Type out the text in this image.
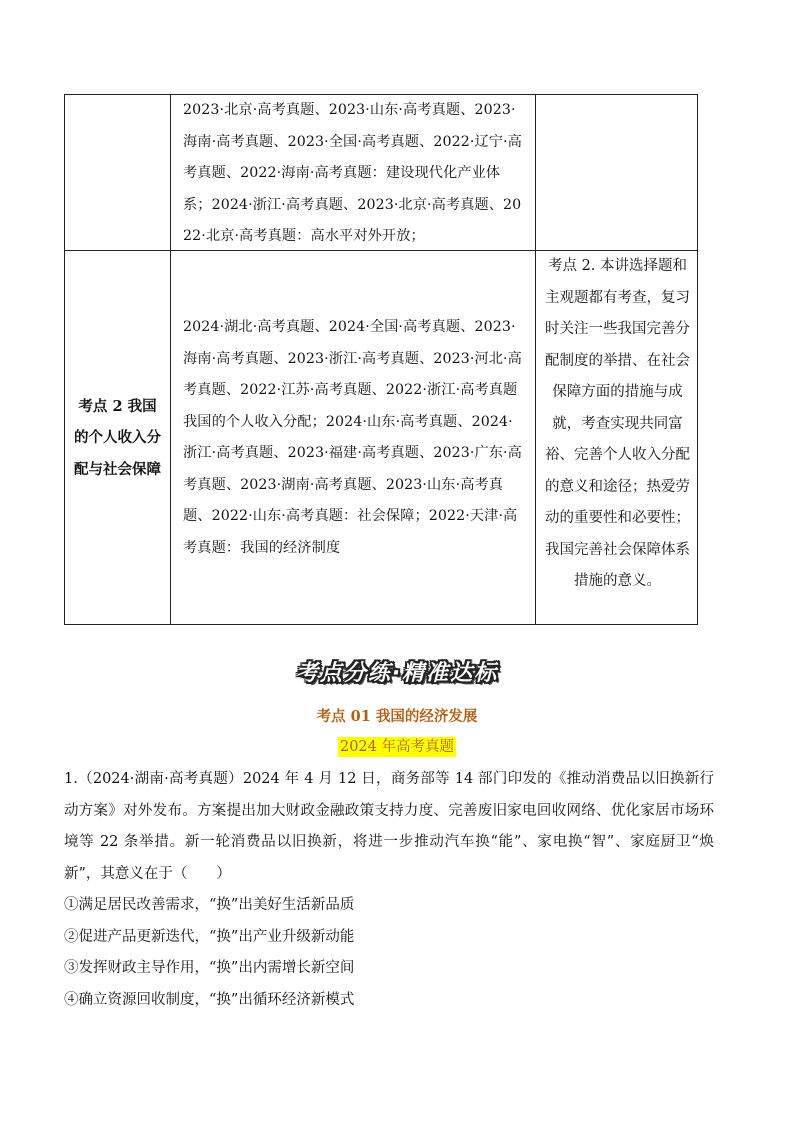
2023·北京·高考真题、2023·山东·高考真题、2023·海南·高考真题、2023·全国·高考真题、2022·辽宁·高考真题、2022·海南·高考真题：建设现代化产业体系；2024·浙江·高考真题、2023·北京·高考真题、2022·北京·高考真题：高水平对外开放；

考点 2 我国的个人收入分配与社会保障

2024·湖北·高考真题、2024·全国·高考真题、2023·海南·高考真题、2023·浙江·高考真题、2023·河北·高考真题、2022·江苏·高考真题、2022·浙江·高考真题我国的个人收入分配；2024·山东·高考真题、2024·浙江·高考真题、2023·福建·高考真题、2023·广东·高考真题、2023·湖南·高考真题、2023·山东·高考真题、2022·山东·高考真题：社会保障；2022·天津·高考真题：我国的经济制度

考点 2. 本讲选择题和主观题都有考查，复习时关注一些我国完善分配制度的举措、在社会保障方面的措施与成就，考查实现共同富裕、完善个人收入分配的意义和途径；热爱劳动的重要性和必要性；我国完善社会保障体系措施的意义。

考点分练·精准达标
考点 01 我国的经济发展
2024 年高考真题

1.（2024·湖南·高考真题）2024 年 4 月 12 日，商务部等 14 部门印发的《推动消费品以旧换新行动方案》对外发布。方案提出加大财政金融政策支持力度、完善废旧家电回收网络、优化家居市场环境等 22 条举措。新一轮消费品以旧换新，将进一步推动汽车换“能”、家电换“智”、家庭厨卫“焕新”，其意义在于（　　）

①满足居民改善需求，“换”出美好生活新品质
②促进产品更新迭代，“换”出产业升级新动能
③发挥财政主导作用，“换”出内需增长新空间
④确立资源回收制度，“换”出循环经济新模式
